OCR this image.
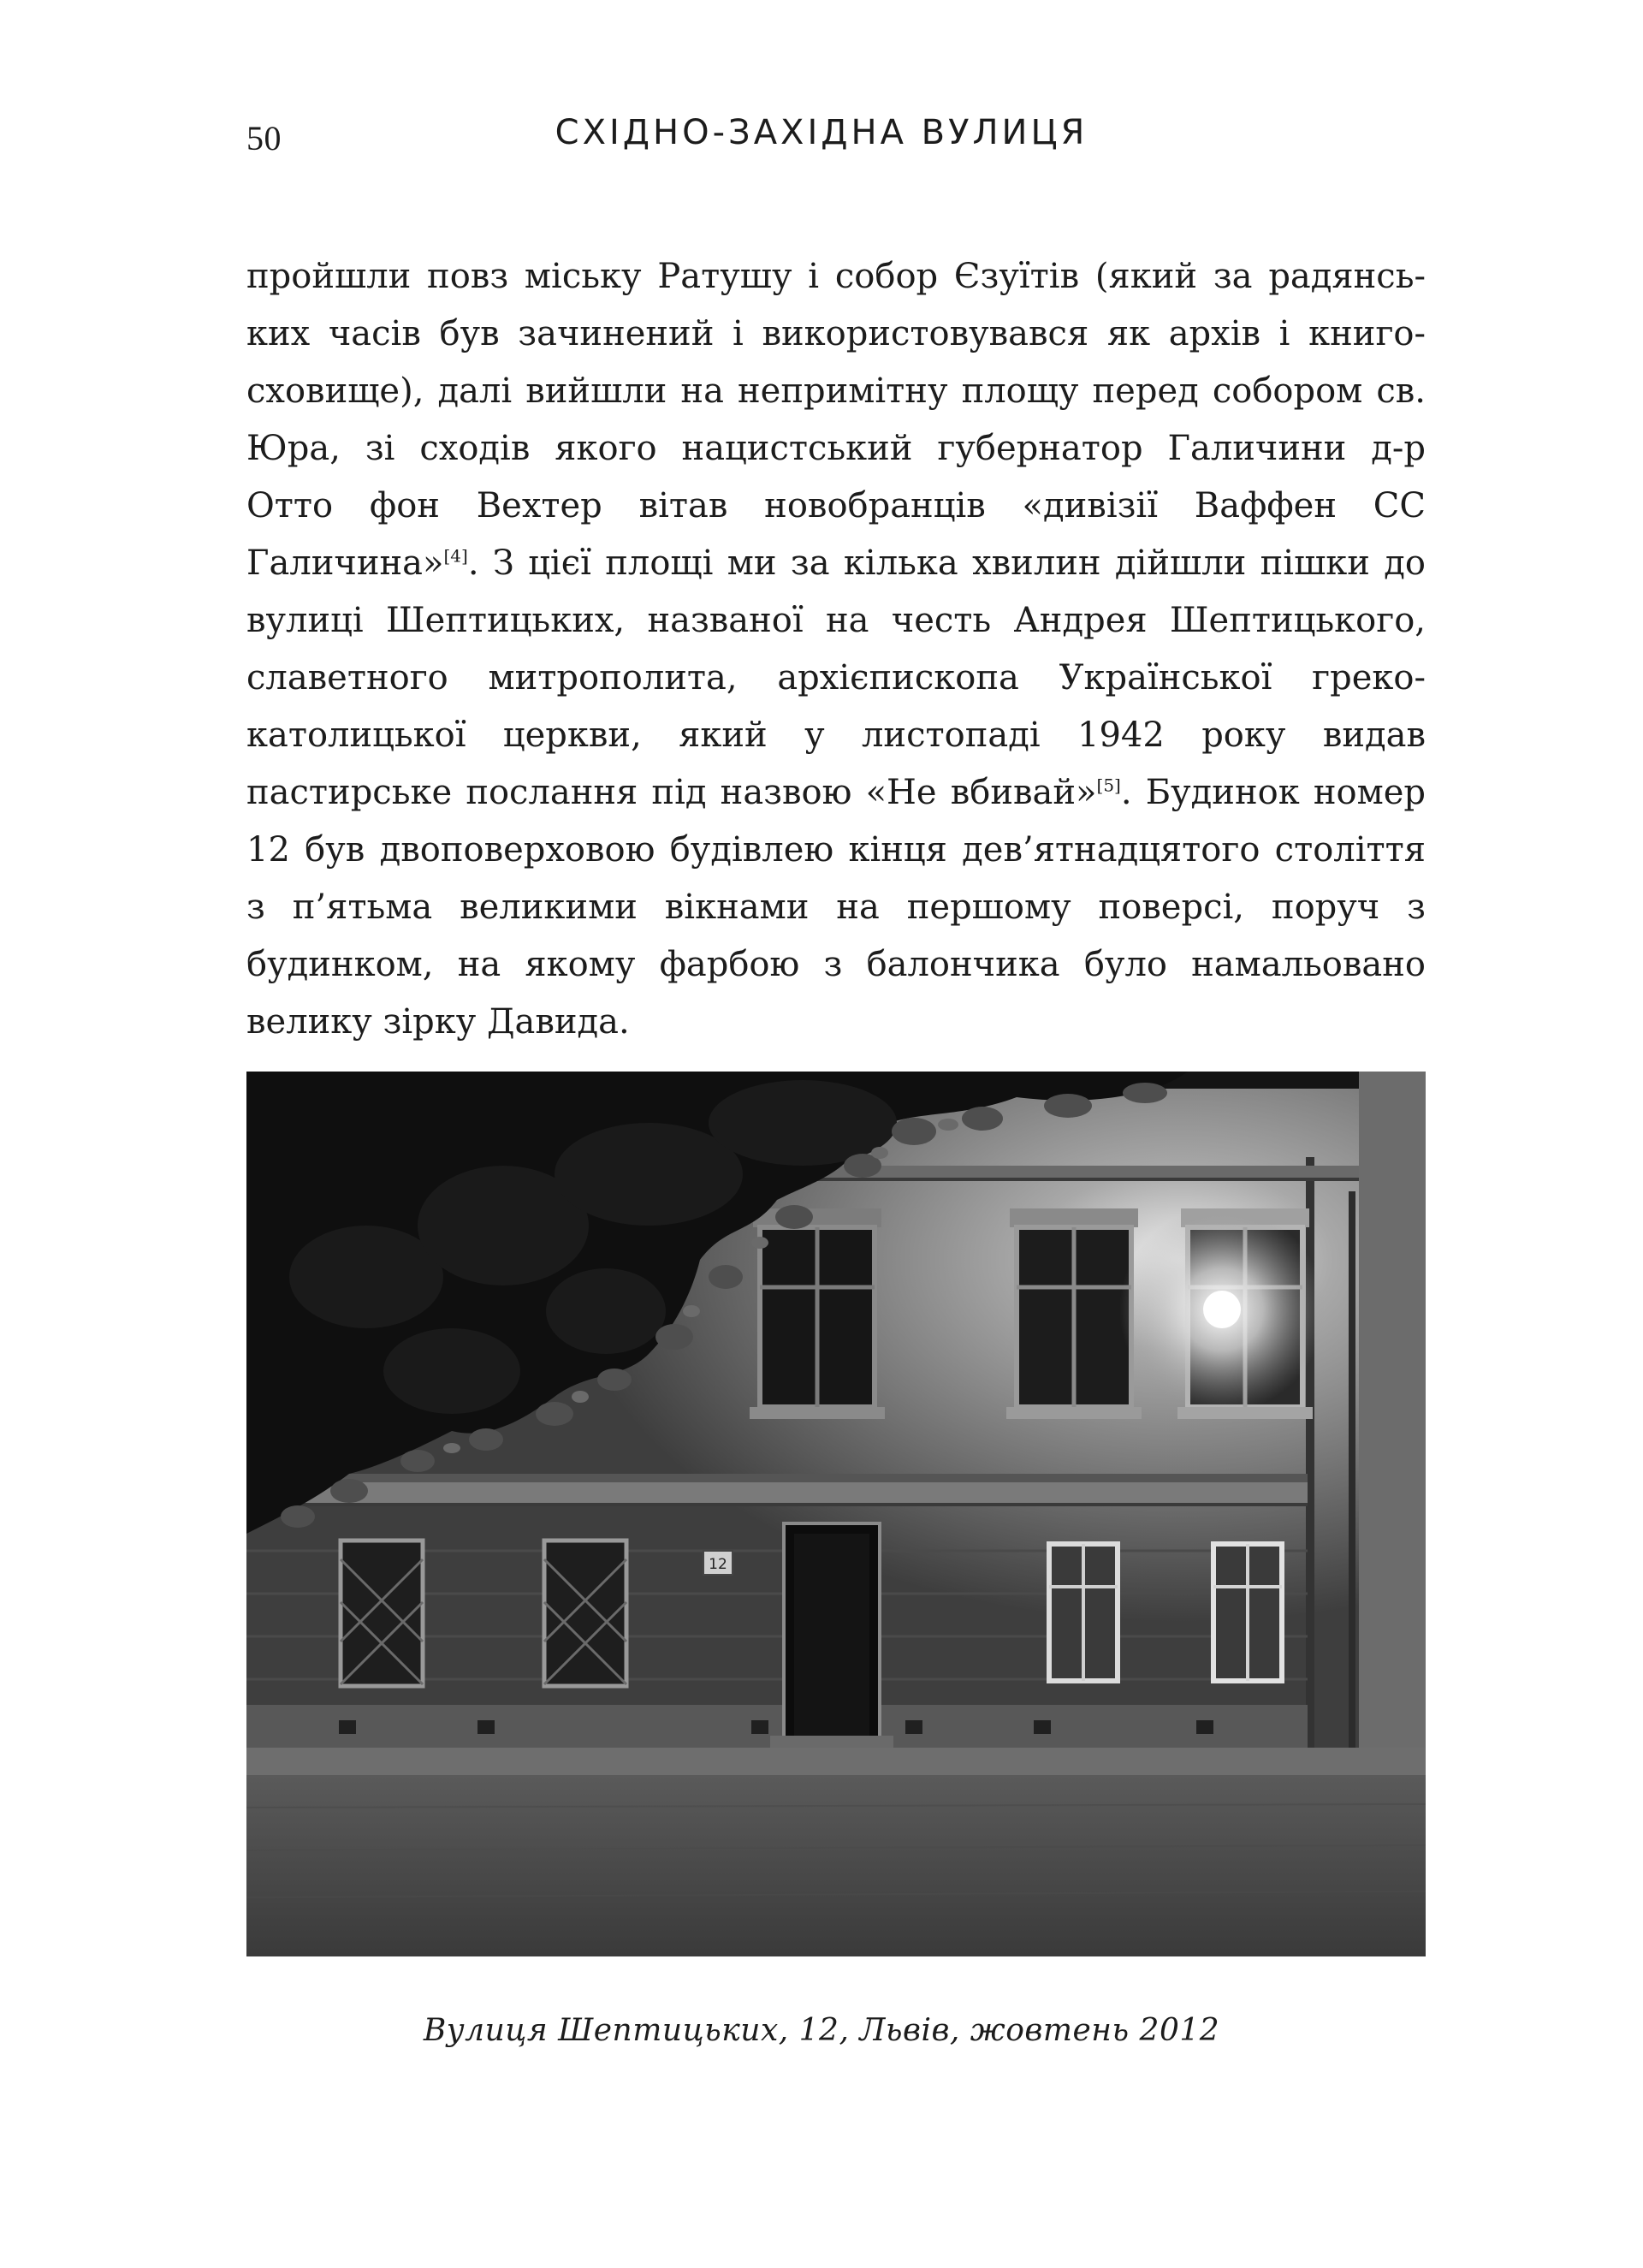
50	СХІДНО-ЗАХІДНА ВУЛИЦЯ

пройшли повз міську Ратушу і собор Єзуїтів (який за радянських часів був зачинений і використовувався як архів і книгосховище), далі вийшли на непримітну площу перед собором св. Юра, зі сходів якого нацистський губернатор Галичини д-р Отто фон Вехтер вітав новобранців «дивізії Ваффен СС Галичина»[4]. З цієї площі ми за кілька хвилин дійшли пішки до вулиці Шептицьких, названої на честь Андрея Шептицького, славетного митрополита, архієпископа Української греко-католицької церкви, який у листопаді 1942 року видав пастирське послання під назвою «Не вбивай»[5]. Будинок номер 12 був двоповерховою будівлею кінця дев’ятнадцятого століття з п’ятьма великими вікнами на першому поверсі, поруч з будинком, на якому фарбою з балончика було намальовано велику зірку Давида.

12
Вулиця Шептицьких, 12, Львів, жовтень 2012
